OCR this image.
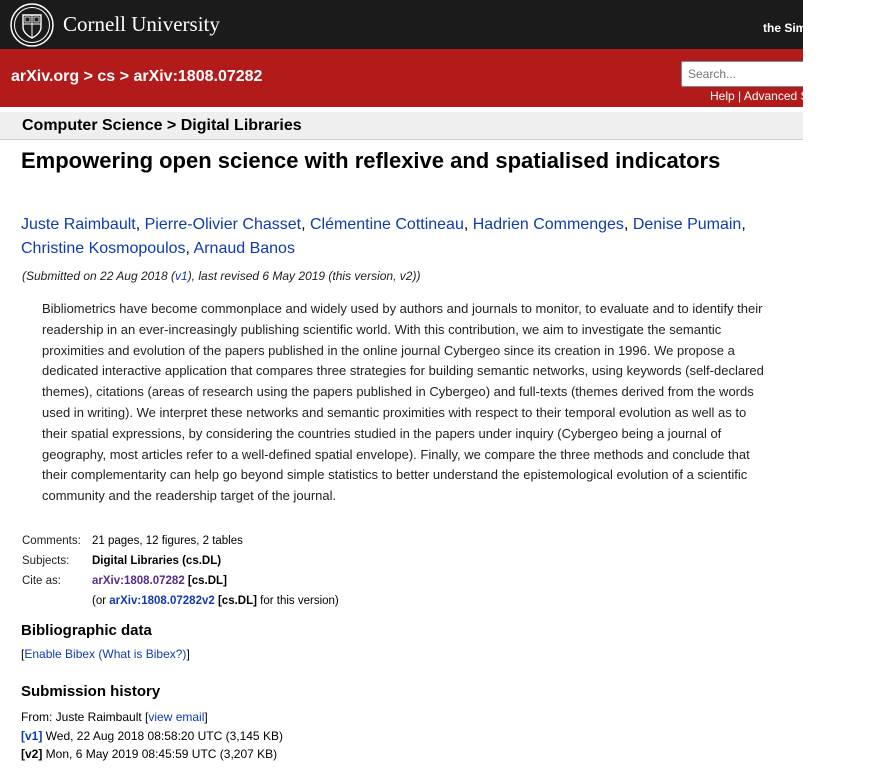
Cornell University	the Simons Foundation
arXiv.org > cs > arXiv:1808.07282
Search...
Help | Advanced Search
Computer Science > Digital Libraries
Empowering open science with reflexive and spatialised indicators
Juste Raimbault, Pierre-Olivier Chasset, Clémentine Cottineau, Hadrien Commenges, Denise Pumain, Christine Kosmopoulos, Arnaud Banos
(Submitted on 22 Aug 2018 (v1), last revised 6 May 2019 (this version, v2))

Bibliometrics have become commonplace and widely used by authors and journals to monitor, to evaluate and to identify their readership in an ever-increasingly publishing scientific world. With this contribution, we aim to investigate the semantic proximities and evolution of the papers published in the online journal Cybergeo since its creation in 1996. We propose a dedicated interactive application that compares three strategies for building semantic networks, using keywords (self-declared themes), citations (areas of research using the papers published in Cybergeo) and full-texts (themes derived from the words used in writing). We interpret these networks and semantic proximities with respect to their temporal evolution as well as to their spatial expressions, by considering the countries studied in the papers under inquiry (Cybergeo being a journal of geography, most articles refer to a well-defined spatial envelope). Finally, we compare the three methods and conclude that their complementarity can help go beyond simple statistics to better understand the epistemological evolution of a scientific community and the readership target of the journal.

Comments:	21 pages, 12 figures, 2 tables
Subjects:	Digital Libraries (cs.DL)
Cite as:	arXiv:1808.07282 [cs.DL]
	(or arXiv:1808.07282v2 [cs.DL] for this version)
Bibliographic data
[Enable Bibex (What is Bibex?)]
Submission history
From: Juste Raimbault [view email]
[v1] Wed, 22 Aug 2018 08:58:20 UTC (3,145 KB)
[v2] Mon, 6 May 2019 08:45:59 UTC (3,207 KB)
